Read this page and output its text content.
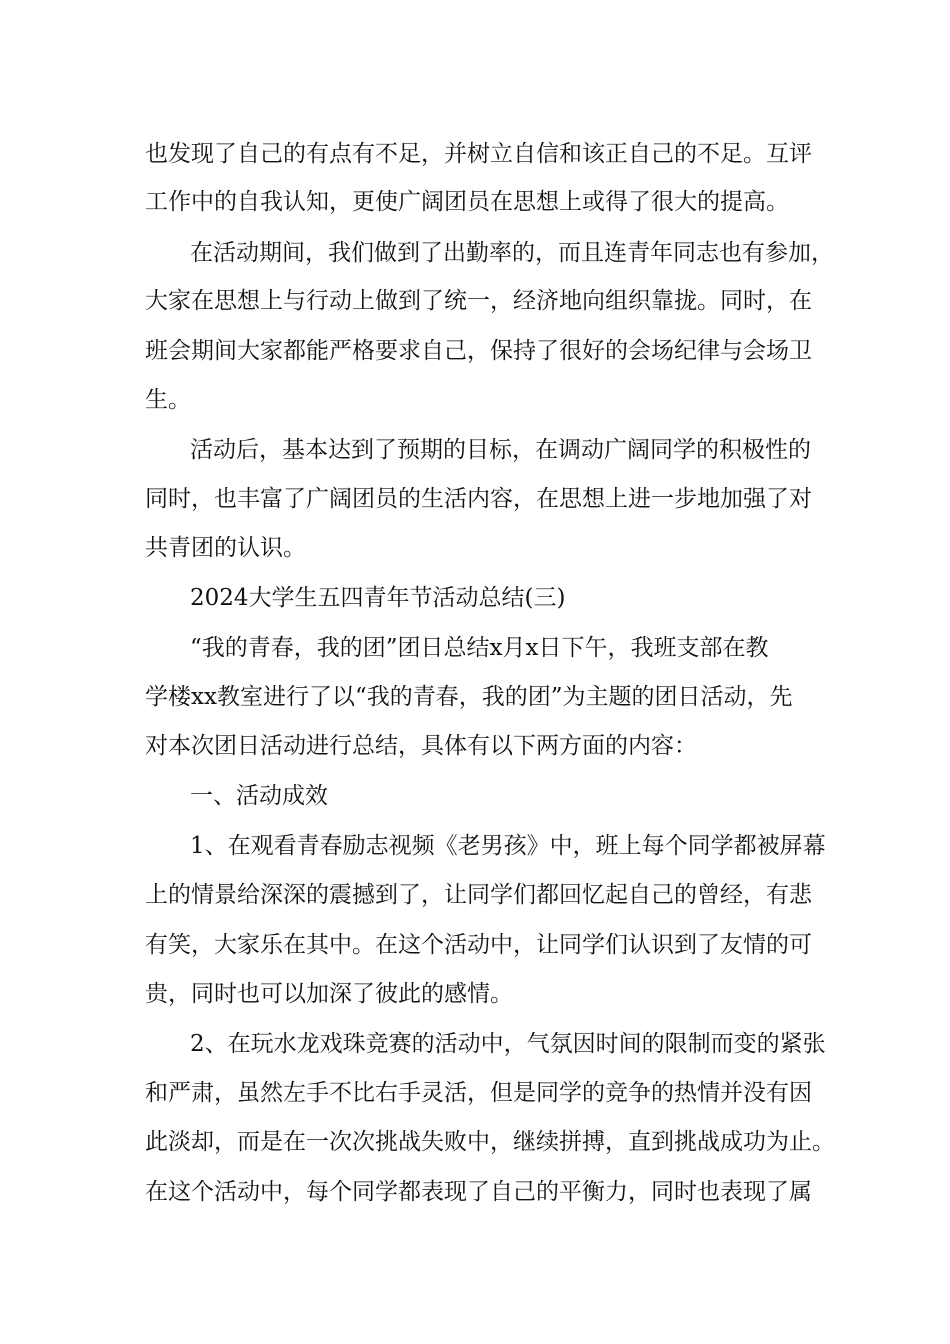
也发现了自己的有点有不足，并树立自信和该正自己的不足。互评
工作中的自我认知，更使广阔团员在思想上或得了很大的提高。
在活动期间，我们做到了出勤率的，而且连青年同志也有参加，
大家在思想上与行动上做到了统一，经济地向组织靠拢。同时，在
班会期间大家都能严格要求自己，保持了很好的会场纪律与会场卫
生。
活动后，基本达到了预期的目标，在调动广阔同学的积极性的
同时，也丰富了广阔团员的生活内容，在思想上进一步地加强了对
共青团的认识。
2024大学生五四青年节活动总结(三)
“我的青春，我的团”团日总结x月x日下午，我班支部在教
学楼xx教室进行了以“我的青春，我的团”为主题的团日活动，先
对本次团日活动进行总结，具体有以下两方面的内容：
一、活动成效
1、在观看青春励志视频《老男孩》中，班上每个同学都被屏幕
上的情景给深深的震撼到了，让同学们都回忆起自己的曾经，有悲
有笑，大家乐在其中。在这个活动中，让同学们认识到了友情的可
贵，同时也可以加深了彼此的感情。
2、在玩水龙戏珠竞赛的活动中，气氛因时间的限制而变的紧张
和严肃，虽然左手不比右手灵活，但是同学的竞争的热情并没有因
此淡却，而是在一次次挑战失败中，继续拼搏，直到挑战成功为止。
在这个活动中，每个同学都表现了自己的平衡力，同时也表现了属
